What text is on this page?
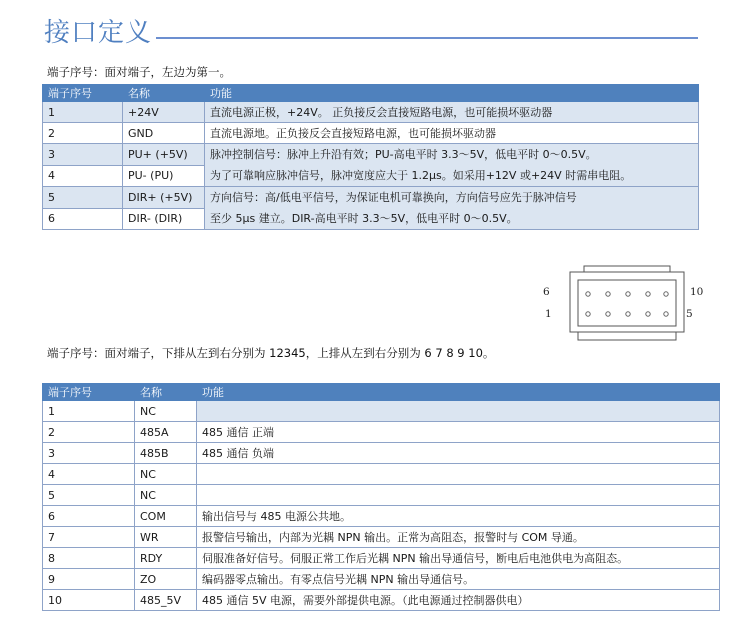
接口定义
端子序号：面对端子，左边为第一。
端子序号	名称	功能
1	+24V	直流电源正极，+24V。 正负接反会直接短路电源，也可能损坏驱动器
2	GND	直流电源地。正负接反会直接短路电源，也可能损坏驱动器
3	PU+ (+5V)	脉冲控制信号：脉冲上升沿有效；PU-高电平时 3.3～5V，低电平时 0～0.5V。
为了可靠响应脉冲信号，脉冲宽度应大于 1.2μs。如采用+12V 或+24V 时需串电阻。

4	PU- (PU)	
5	DIR+ (+5V)	方向信号：高/低电平信号，为保证电机可靠换向，方向信号应先于脉冲信号
至少 5μs 建立。DIR-高电平时 3.3～5V，低电平时 0～0.5V。

6	DIR- (DIR)	
6	10
1	5
端子序号：面对端子，下排从左到右分别为 12345，上排从左到右分别为 6 7 8 9 10。
端子序号	名称	功能
1	NC	
2	485A	485 通信 正端
3	485B	485 通信 负端
4	NC	
5	NC	
6	COM	输出信号与 485 电源公共地。
7	WR	报警信号输出，内部为光耦 NPN 输出。正常为高阻态，报警时与 COM 导通。
8	RDY	伺服准备好信号。伺服正常工作后光耦 NPN 输出导通信号，断电后电池供电为高阻态。
9	ZO	编码器零点输出。有零点信号光耦 NPN 输出导通信号。
10	485_5V	485 通信 5V 电源，需要外部提供电源。（此电源通过控制器供电）
